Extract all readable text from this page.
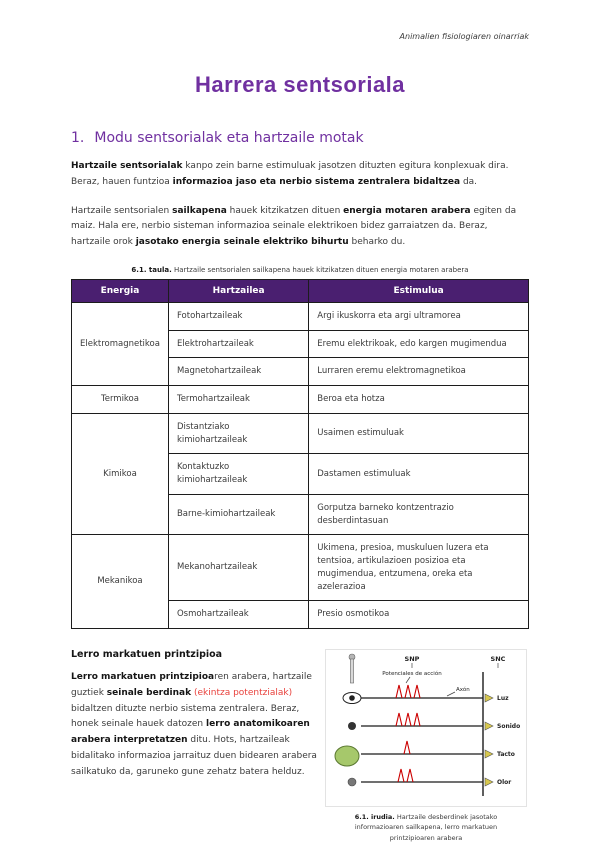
Animalien fisiologiaren oinarriak
Harrera sentsoriala
1. Modu sentsorialak eta hartzaile motak

Hartzaile sentsorialak kanpo zein barne estimuluak jasotzen dituzten egitura konplexuak dira. Beraz, hauen funtzioa informazioa jaso eta nerbio sistema zentralera bidaltzea da.

Hartzaile sentsorialen sailkapena hauek kitzikatzen dituen energia motaren arabera egiten da maiz. Hala ere, nerbio sisteman informazioa seinale elektrikoen bidez garraiatzen da. Beraz, hartzaile orok jasotako energia seinale elektriko bihurtu beharko du.

6.1. taula. Hartzaile sentsorialen sailkapena hauek kitzikatzen dituen energia motaren arabera
Energia	Hartzailea	Estimulua
Elektromagnetikoa	Fotohartzaileak	Argi ikuskorra eta argi ultramorea
	Elektrohartzaileak	Eremu elektrikoak, edo kargen mugimendua
	Magnetohartzaileak	Lurraren eremu elektromagnetikoa
Termikoa	Termohartzaileak	Beroa eta hotza
Kimikoa	Distantziako kimiohartzaileak	Usaimen estimuluak
	Kontaktuzko kimiohartzaileak	Dastamen estimuluak
	Barne-kimiohartzaileak	Gorputza barneko kontzentrazio desberdintasuan
Mekanikoa	Mekanohartzaileak	Ukimena, presioa, muskuluen luzera eta tentsioa, artikulazioen posizioa eta mugimendua, entzumena, oreka eta azelerazioa
	Osmohartzaileak	Presio osmotikoa
Lerro markatuen printzipioa

Lerro markatuen printzipioaren arabera, hartzaile guztiek seinale berdinak (ekintza potentzialak) bidaltzen dituzte nerbio sistema zentralera. Beraz, honek seinale hauek datozen lerro anatomikoaren arabera interpretatzen ditu. Hots, hartzaileak bidalitako informazioa jarraituz duen bidearen arabera sailkatuko da, garuneko gune zehatz batera helduz.

SNP	SNC
Potenciales de acción
Axón
Luz
Sonido
Tacto
Olor
6.1. irudia. Hartzaile desberdinek jasotako informazioaren sailkapena, lerro markatuen printzipioaren arabera
